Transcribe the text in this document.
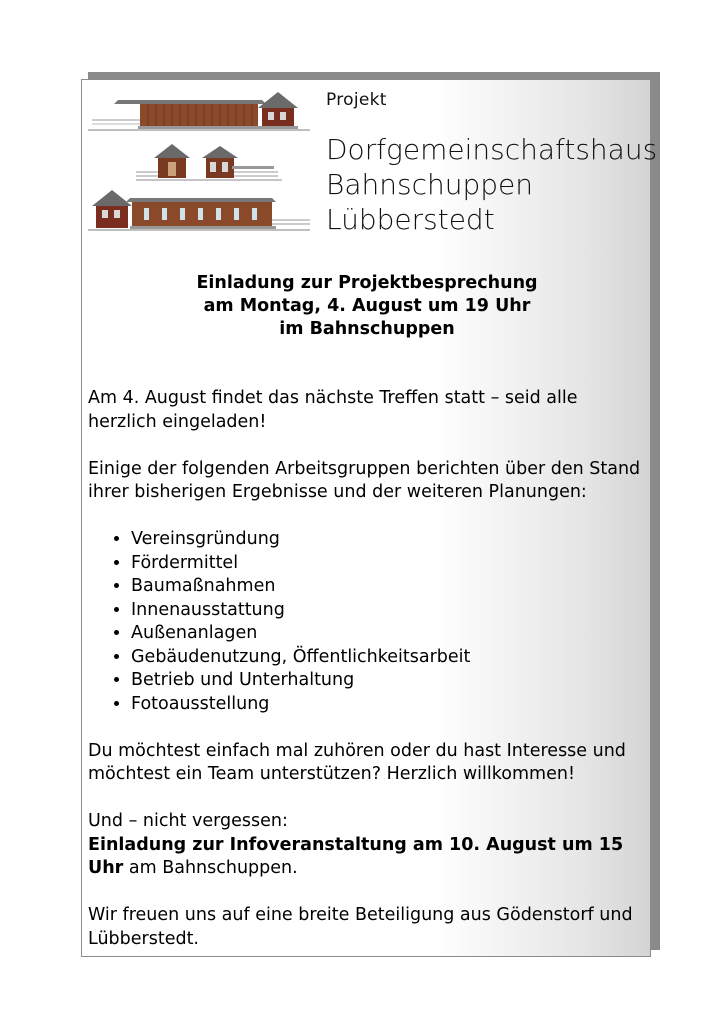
Projekt
Dorfgemeinschaftshaus
Bahnschuppen
Lübberstedt
Einladung zur Projektbesprechung
am Montag, 4. August um 19 Uhr
im Bahnschuppen

Am 4. August findet das nächste Treffen statt – seid alle herzlich eingeladen!

Einige der folgenden Arbeitsgruppen berichten über den Stand ihrer bisherigen Ergebnisse und der weiteren Planungen:

• Vereinsgründung
• Fördermittel
• Baumaßnahmen
• Innenausstattung
• Außenanlagen
• Gebäudenutzung, Öffentlichkeitsarbeit
• Betrieb und Unterhaltung
• Fotoausstellung

Du möchtest einfach mal zuhören oder du hast Interesse und möchtest ein Team unterstützen? Herzlich willkommen!

Und – nicht vergessen:
Einladung zur Infoveranstaltung am 10. August um 15 Uhr am Bahnschuppen.

Wir freuen uns auf eine breite Beteiligung aus Gödenstorf und Lübberstedt.
